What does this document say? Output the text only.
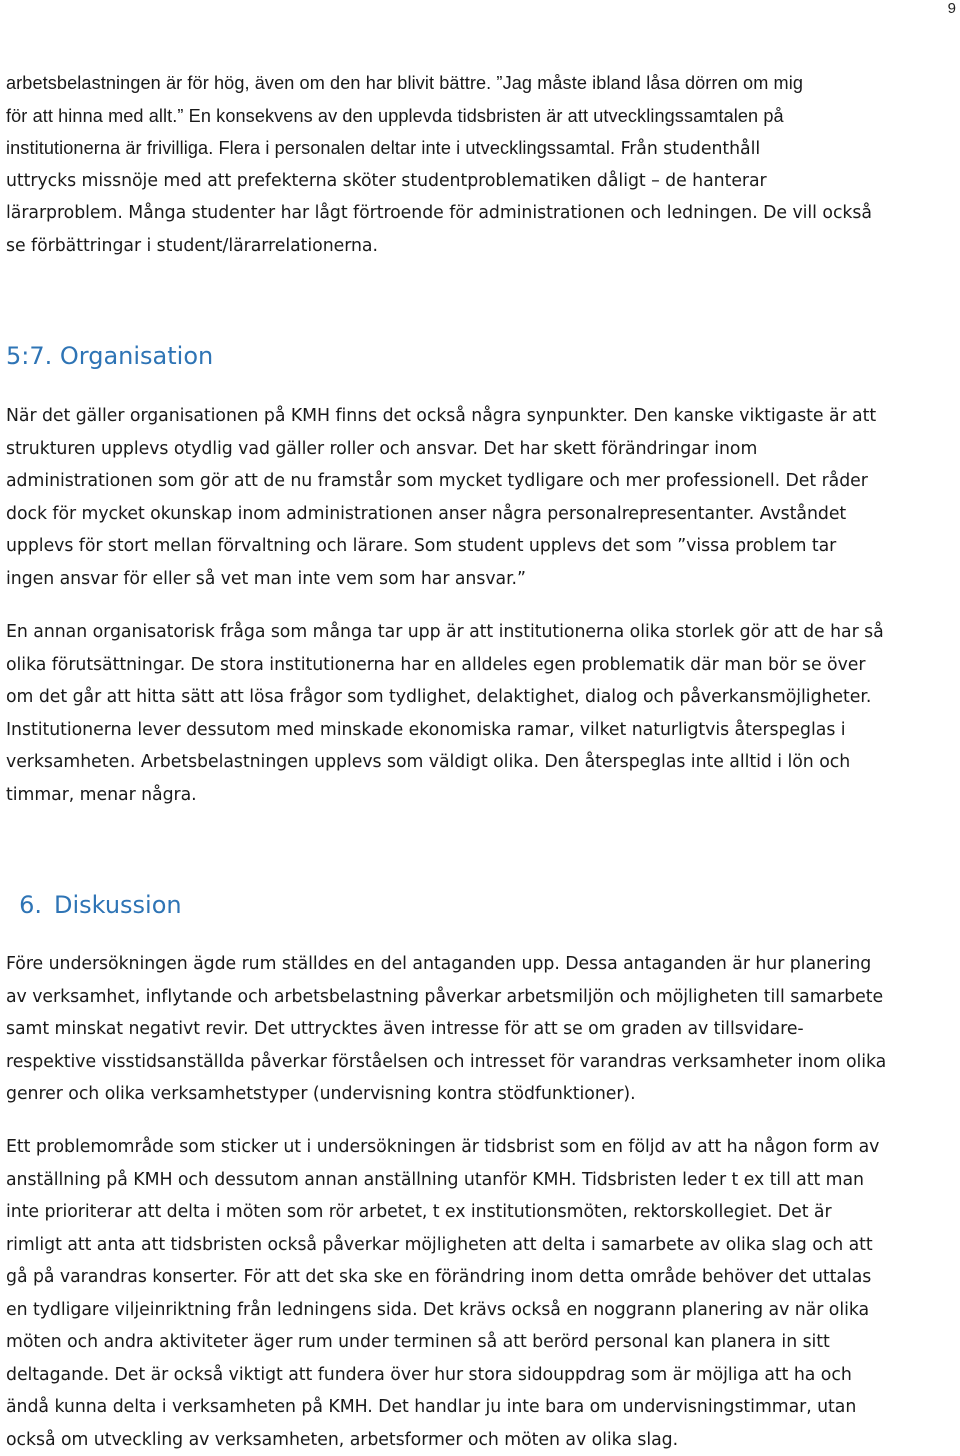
9
arbetsbelastningen är för hög, även om den har blivit bättre. ”Jag måste ibland låsa dörren om mig
för att hinna med allt.” En konsekvens av den upplevda tidsbristen är att utvecklingssamtalen på
institutionerna är frivilliga. Flera i personalen deltar inte i utvecklingssamtal. Från studenthåll
uttrycks missnöje med att prefekterna sköter studentproblematiken dåligt – de hanterar
lärarproblem. Många studenter har lågt förtroende för administrationen och ledningen. De vill också
se förbättringar i student/lärarrelationerna.
5:7. Organisation
När det gäller organisationen på KMH finns det också några synpunkter. Den kanske viktigaste är att
strukturen upplevs otydlig vad gäller roller och ansvar. Det har skett förändringar inom
administrationen som gör att de nu framstår som mycket tydligare och mer professionell. Det råder
dock för mycket okunskap inom administrationen anser några personalrepresentanter. Avståndet
upplevs för stort mellan förvaltning och lärare. Som student upplevs det som ”vissa problem tar
ingen ansvar för eller så vet man inte vem som har ansvar.”
En annan organisatorisk fråga som många tar upp är att institutionerna olika storlek gör att de har så
olika förutsättningar. De stora institutionerna har en alldeles egen problematik där man bör se över
om det går att hitta sätt att lösa frågor som tydlighet, delaktighet, dialog och påverkansmöjligheter.
Institutionerna lever dessutom med minskade ekonomiska ramar, vilket naturligtvis återspeglas i
verksamheten. Arbetsbelastningen upplevs som väldigt olika. Den återspeglas inte alltid i lön och
timmar, menar några.
6. Diskussion
Före undersökningen ägde rum ställdes en del antaganden upp. Dessa antaganden är hur planering
av verksamhet, inflytande och arbetsbelastning påverkar arbetsmiljön och möjligheten till samarbete
samt minskat negativt revir. Det uttrycktes även intresse för att se om graden av tillsvidare-
respektive visstidsanställda påverkar förståelsen och intresset för varandras verksamheter inom olika
genrer och olika verksamhetstyper (undervisning kontra stödfunktioner).
Ett problemområde som sticker ut i undersökningen är tidsbrist som en följd av att ha någon form av
anställning på KMH och dessutom annan anställning utanför KMH. Tidsbristen leder t ex till att man
inte prioriterar att delta i möten som rör arbetet, t ex institutionsmöten, rektorskollegiet. Det är
rimligt att anta att tidsbristen också påverkar möjligheten att delta i samarbete av olika slag och att
gå på varandras konserter. För att det ska ske en förändring inom detta område behöver det uttalas
en tydligare viljeinriktning från ledningens sida. Det krävs också en noggrann planering av när olika
möten och andra aktiviteter äger rum under terminen så att berörd personal kan planera in sitt
deltagande. Det är också viktigt att fundera över hur stora sidouppdrag som är möjliga att ha och
ändå kunna delta i verksamheten på KMH. Det handlar ju inte bara om undervisningstimmar, utan
också om utveckling av verksamheten, arbetsformer och möten av olika slag.
